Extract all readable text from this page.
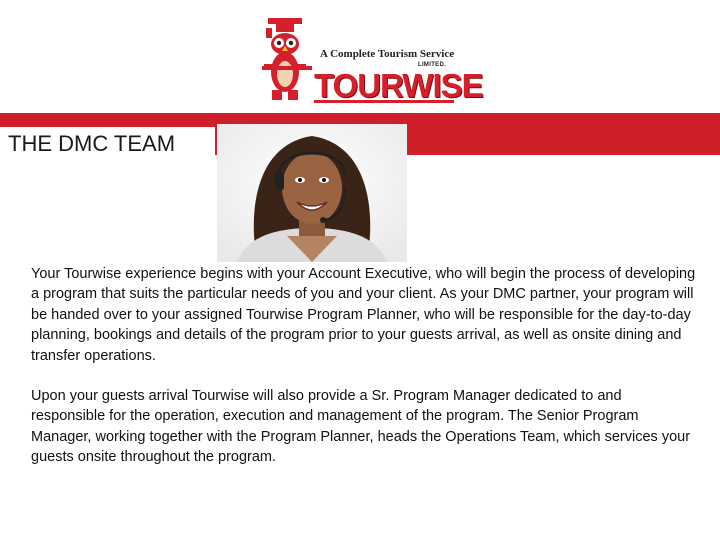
A Complete Tourism Service
LIMITED.
TOURWISE
THE DMC TEAM

Your Tourwise experience begins with your Account Executive, who will begin the process of developing a program that suits the particular needs of you and your client. As your DMC partner, your program will be handed over to your assigned Tourwise Program Planner, who will be responsible for the day-to-day planning, bookings and details of the program prior to your guests arrival, as well as onsite dining and transfer operations.

Upon your guests arrival Tourwise will also provide a Sr. Program Manager dedicated to and responsible for the operation, execution and management of the program. The Senior Program Manager, working together with the Program Planner, heads the Operations Team, which services your guests onsite throughout the program.
